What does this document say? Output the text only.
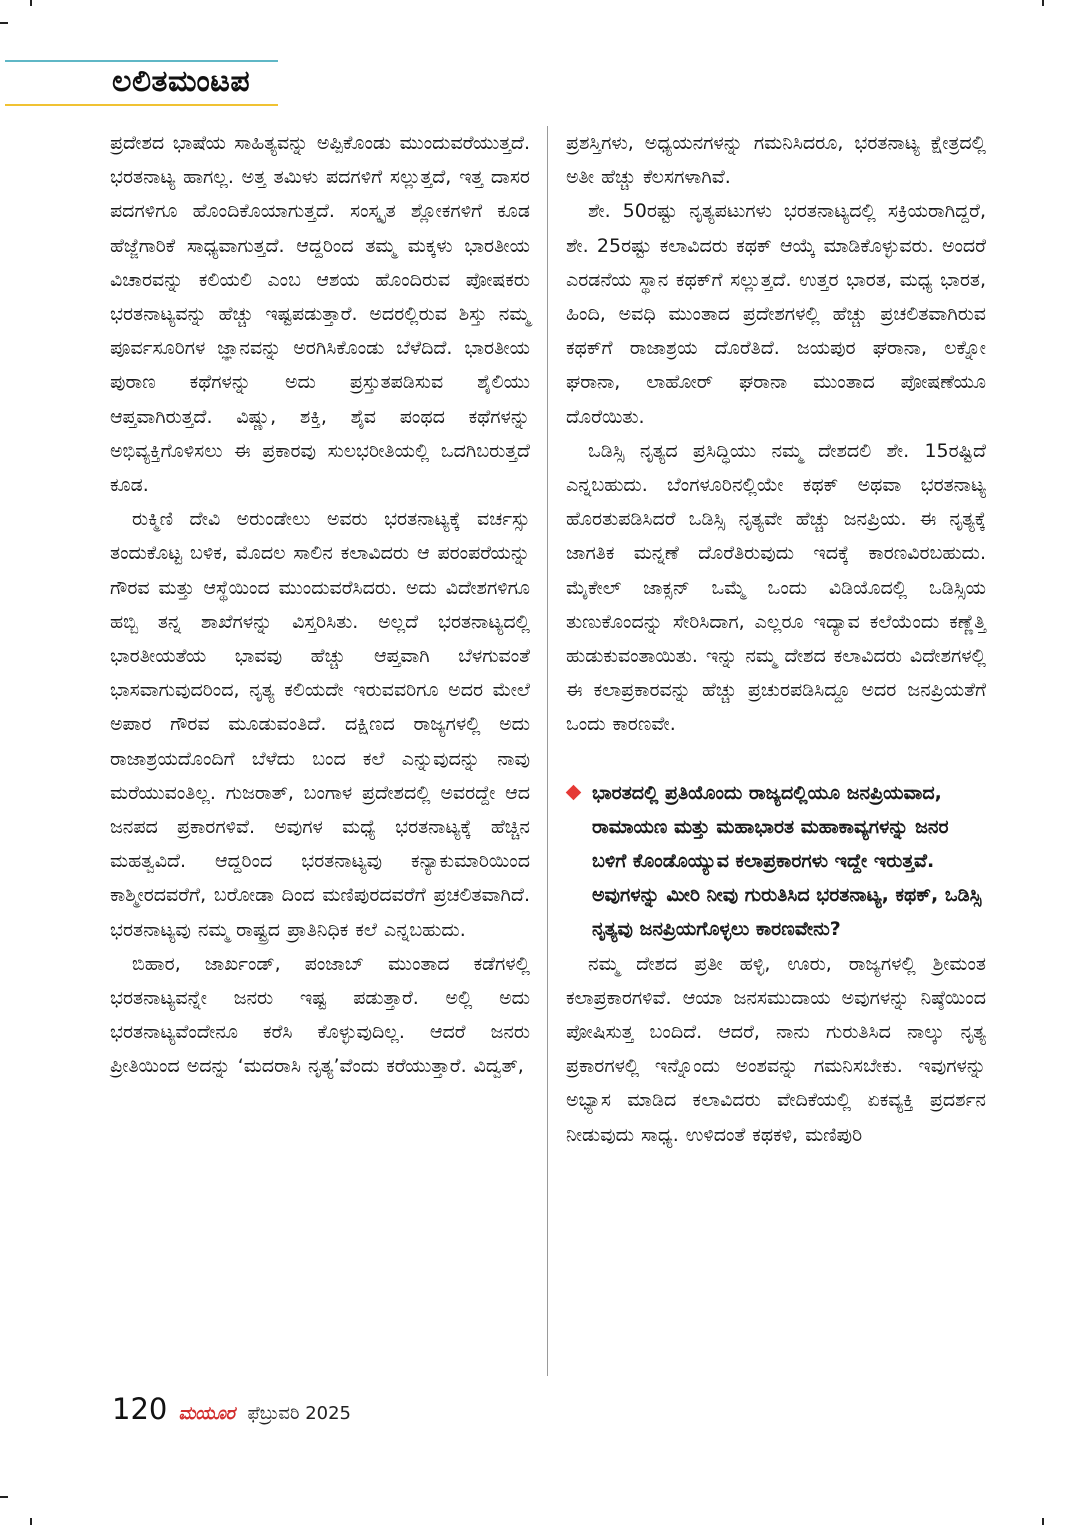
ಲಲಿತಮಂಟಪ

ಪ್ರದೇಶದ ಭಾಷೆಯ ಸಾಹಿತ್ಯವನ್ನು ಅಪ್ಪಿಕೊಂಡು ಮುಂದುವರೆಯುತ್ತದೆ. ಭರತನಾಟ್ಯ ಹಾಗಲ್ಲ. ಅತ್ತ ತಮಿಳು ಪದಗಳಿಗೆ ಸಲ್ಲುತ್ತದೆ, ಇತ್ತ ದಾಸರ ಪದಗಳಿಗೂ ಹೊಂದಿಕೊಯಾಗುತ್ತದೆ. ಸಂಸ್ಕೃತ ಶ್ಲೋಕಗಳಿಗೆ ಕೂಡ ಹೆಜ್ಜೆಗಾರಿಕೆ ಸಾಧ್ಯವಾಗುತ್ತದೆ. ಆದ್ದರಿಂದ ತಮ್ಮ ಮಕ್ಕಳು ಭಾರತೀಯ ವಿಚಾರವನ್ನು ಕಲಿಯಲಿ ಎಂಬ ಆಶಯ ಹೊಂದಿರುವ ಪೋಷಕರು ಭರತನಾಟ್ಯವನ್ನು ಹೆಚ್ಚು ಇಷ್ಟಪಡುತ್ತಾರೆ. ಅದರಲ್ಲಿರುವ ಶಿಸ್ತು ನಮ್ಮ ಪೂರ್ವಸೂರಿಗಳ ಜ್ಞಾನವನ್ನು ಅರಗಿಸಿಕೊಂಡು ಬೆಳೆದಿದೆ. ಭಾರತೀಯ ಪುರಾಣ ಕಥೆಗಳನ್ನು ಅದು ಪ್ರಸ್ತುತಪಡಿಸುವ ಶೈಲಿಯು ಆಪ್ತವಾಗಿರುತ್ತದೆ. ವಿಷ್ಣು, ಶಕ್ತಿ, ಶೈವ ಪಂಥದ ಕಥೆಗಳನ್ನು ಅಭಿವ್ಯಕ್ತಿಗೊಳಿಸಲು ಈ ಪ್ರಕಾರವು ಸುಲಭರೀತಿಯಲ್ಲಿ ಒದಗಿಬರುತ್ತದೆ ಕೂಡ.

ರುಕ್ಮಿಣಿ ದೇವಿ ಅರುಂಡೇಲು ಅವರು ಭರತನಾಟ್ಯಕ್ಕೆ ವರ್ಚಸ್ಸು ತಂದುಕೊಟ್ಟ ಬಳಿಕ, ಮೊದಲ ಸಾಲಿನ ಕಲಾವಿದರು ಆ ಪರಂಪರೆಯನ್ನು ಗೌರವ ಮತ್ತು ಆಸ್ಥೆಯಿಂದ ಮುಂದುವರೆಸಿದರು. ಅದು ವಿದೇಶಗಳಿಗೂ ಹಬ್ಬಿ ತನ್ನ ಶಾಖೆಗಳನ್ನು ವಿಸ್ತರಿಸಿತು. ಅಲ್ಲದೆ ಭರತನಾಟ್ಯದಲ್ಲಿ ಭಾರತೀಯತೆಯ ಭಾವವು ಹೆಚ್ಚು ಆಪ್ತವಾಗಿ ಬೆಳಗುವಂತೆ ಭಾಸವಾಗುವುದರಿಂದ, ನೃತ್ಯ ಕಲಿಯದೇ ಇರುವವರಿಗೂ ಅದರ ಮೇಲೆ ಅಪಾರ ಗೌರವ ಮೂಡುವಂತಿದೆ. ದಕ್ಷಿಣದ ರಾಜ್ಯಗಳಲ್ಲಿ ಅದು ರಾಜಾಶ್ರಯದೊಂದಿಗೆ ಬೆಳೆದು ಬಂದ ಕಲೆ ಎನ್ನುವುದನ್ನು ನಾವು ಮರೆಯುವಂತಿಲ್ಲ. ಗುಜರಾತ್, ಬಂಗಾಳ ಪ್ರದೇಶದಲ್ಲಿ ಅವರದ್ದೇ ಆದ ಜನಪದ ಪ್ರಕಾರಗಳಿವೆ. ಅವುಗಳ ಮಧ್ಯೆ ಭರತನಾಟ್ಯಕ್ಕೆ ಹೆಚ್ಚಿನ ಮಹತ್ವವಿದೆ. ಆದ್ದರಿಂದ ಭರತನಾಟ್ಯವು ಕನ್ಯಾಕುಮಾರಿಯಿಂದ ಕಾಶ್ಮೀರದವರೆಗೆ, ಬರೋಡಾ ದಿಂದ ಮಣಿಪುರದವರೆಗೆ ಪ್ರಚಲಿತವಾಗಿದೆ. ಭರತನಾಟ್ಯವು ನಮ್ಮ ರಾಷ್ಟ್ರದ ಪ್ರಾತಿನಿಧಿಕ ಕಲೆ ಎನ್ನಬಹುದು.

ಬಿಹಾರ, ಜಾರ್ಖಂಡ್, ಪಂಜಾಬ್ ಮುಂತಾದ ಕಡೆಗಳಲ್ಲಿ ಭರತನಾಟ್ಯವನ್ನೇ ಜನರು ಇಷ್ಟ ಪಡುತ್ತಾರೆ. ಅಲ್ಲಿ ಅದು ಭರತನಾಟ್ಯವೆಂದೇನೂ ಕರೆಸಿ ಕೊಳ್ಳುವುದಿಲ್ಲ. ಆದರೆ ಜನರು ಪ್ರೀತಿಯಿಂದ ಅದನ್ನು ‘ಮದರಾಸಿ ನೃತ್ಯ’ವೆಂದು ಕರೆಯುತ್ತಾರೆ. ವಿದ್ವತ್,

ಪ್ರಶಸ್ತಿಗಳು, ಅಧ್ಯಯನಗಳನ್ನು ಗಮನಿಸಿದರೂ, ಭರತನಾಟ್ಯ ಕ್ಷೇತ್ರದಲ್ಲಿ ಅತೀ ಹೆಚ್ಚು ಕೆಲಸಗಳಾಗಿವೆ.

ಶೇ. 50ರಷ್ಟು ನೃತ್ಯಪಟುಗಳು ಭರತನಾಟ್ಯದಲ್ಲಿ ಸಕ್ರಿಯರಾಗಿದ್ದರೆ, ಶೇ. 25ರಷ್ಟು ಕಲಾವಿದರು ಕಥಕ್ ಆಯ್ಕೆ ಮಾಡಿಕೊಳ್ಳುವರು. ಅಂದರೆ ಎರಡನೆಯ ಸ್ಥಾನ ಕಥಕ್‌ಗೆ ಸಲ್ಲುತ್ತದೆ. ಉತ್ತರ ಭಾರತ, ಮಧ್ಯ ಭಾರತ, ಹಿಂದಿ, ಅವಧಿ ಮುಂತಾದ ಪ್ರದೇಶಗಳಲ್ಲಿ ಹೆಚ್ಚು ಪ್ರಚಲಿತವಾಗಿರುವ ಕಥಕ್‌ಗೆ ರಾಜಾಶ್ರಯ ದೊರೆತಿದೆ. ಜಯಪುರ ಘರಾನಾ, ಲಕ್ನೋ ಘರಾನಾ, ಲಾಹೋರ್ ಘರಾನಾ ಮುಂತಾದ ಪೋಷಣೆಯೂ ದೊರೆಯಿತು.

ಒಡಿಸ್ಸಿ ನೃತ್ಯದ ಪ್ರಸಿದ್ಧಿಯು ನಮ್ಮ ದೇಶದಲಿ ಶೇ. 15ರಷ್ಟಿದೆ ಎನ್ನಬಹುದು. ಬೆಂಗಳೂರಿನಲ್ಲಿಯೇ ಕಥಕ್ ಅಥವಾ ಭರತನಾಟ್ಯ ಹೊರತುಪಡಿಸಿದರೆ ಒಡಿಸ್ಸಿ ನೃತ್ಯವೇ ಹೆಚ್ಚು ಜನಪ್ರಿಯ. ಈ ನೃತ್ಯಕ್ಕೆ ಜಾಗತಿಕ ಮನ್ನಣೆ ದೊರೆತಿರುವುದು ಇದಕ್ಕೆ ಕಾರಣವಿರಬಹುದು. ಮೈಕೇಲ್ ಜಾಕ್ಸನ್ ಒಮ್ಮೆ ಒಂದು ವಿಡಿಯೊದಲ್ಲಿ ಒಡಿಸ್ಸಿಯ ತುಣುಕೊಂದನ್ನು ಸೇರಿಸಿದಾಗ, ಎಲ್ಲರೂ ಇದ್ಯಾವ ಕಲೆಯೆಂದು ಕಣ್ಣೆತ್ತಿ ಹುಡುಕುವಂತಾಯಿತು. ಇನ್ನು ನಮ್ಮ ದೇಶದ ಕಲಾವಿದರು ವಿದೇಶಗಳಲ್ಲಿ ಈ ಕಲಾಪ್ರಕಾರವನ್ನು ಹೆಚ್ಚು ಪ್ರಚುರಪಡಿಸಿದ್ದೂ ಅದರ ಜನಪ್ರಿಯತೆಗೆ ಒಂದು ಕಾರಣವೇ.

ಭಾರತದಲ್ಲಿ ಪ್ರತಿಯೊಂದು ರಾಜ್ಯದಲ್ಲಿಯೂ ಜನಪ್ರಿಯವಾದ, ರಾಮಾಯಣ ಮತ್ತು ಮಹಾಭಾರತ ಮಹಾಕಾವ್ಯಗಳನ್ನು ಜನರ ಬಳಿಗೆ ಕೊಂಡೊಯ್ಯುವ ಕಲಾಪ್ರಕಾರಗಳು ಇದ್ದೇ ಇರುತ್ತವೆ. ಅವುಗಳನ್ನು ಮೀರಿ ನೀವು ಗುರುತಿಸಿದ ಭರತನಾಟ್ಯ, ಕಥಕ್, ಒಡಿಸ್ಸಿ ನೃತ್ಯವು ಜನಪ್ರಿಯಗೊಳ್ಳಲು ಕಾರಣವೇನು?

ನಮ್ಮ ದೇಶದ ಪ್ರತೀ ಹಳ್ಳಿ, ಊರು, ರಾಜ್ಯಗಳಲ್ಲಿ ಶ್ರೀಮಂತ ಕಲಾಪ್ರಕಾರಗಳಿವೆ. ಆಯಾ ಜನಸಮುದಾಯ ಅವುಗಳನ್ನು ನಿಷ್ಠೆಯಿಂದ ಪೋಷಿಸುತ್ತ ಬಂದಿದೆ. ಆದರೆ, ನಾನು ಗುರುತಿಸಿದ ನಾಲ್ಕು ನೃತ್ಯ ಪ್ರಕಾರಗಳಲ್ಲಿ ಇನ್ನೊಂದು ಅಂಶವನ್ನು ಗಮನಿಸಬೇಕು. ಇವುಗಳನ್ನು ಅಭ್ಯಾಸ ಮಾಡಿದ ಕಲಾವಿದರು ವೇದಿಕೆಯಲ್ಲಿ ಏಕವ್ಯಕ್ತಿ ಪ್ರದರ್ಶನ ನೀಡುವುದು ಸಾಧ್ಯ. ಉಳಿದಂತೆ ಕಥಕಳಿ, ಮಣಿಪುರಿ

120 ಮಯೂರ ಫೆಬ್ರುವರಿ 2025
